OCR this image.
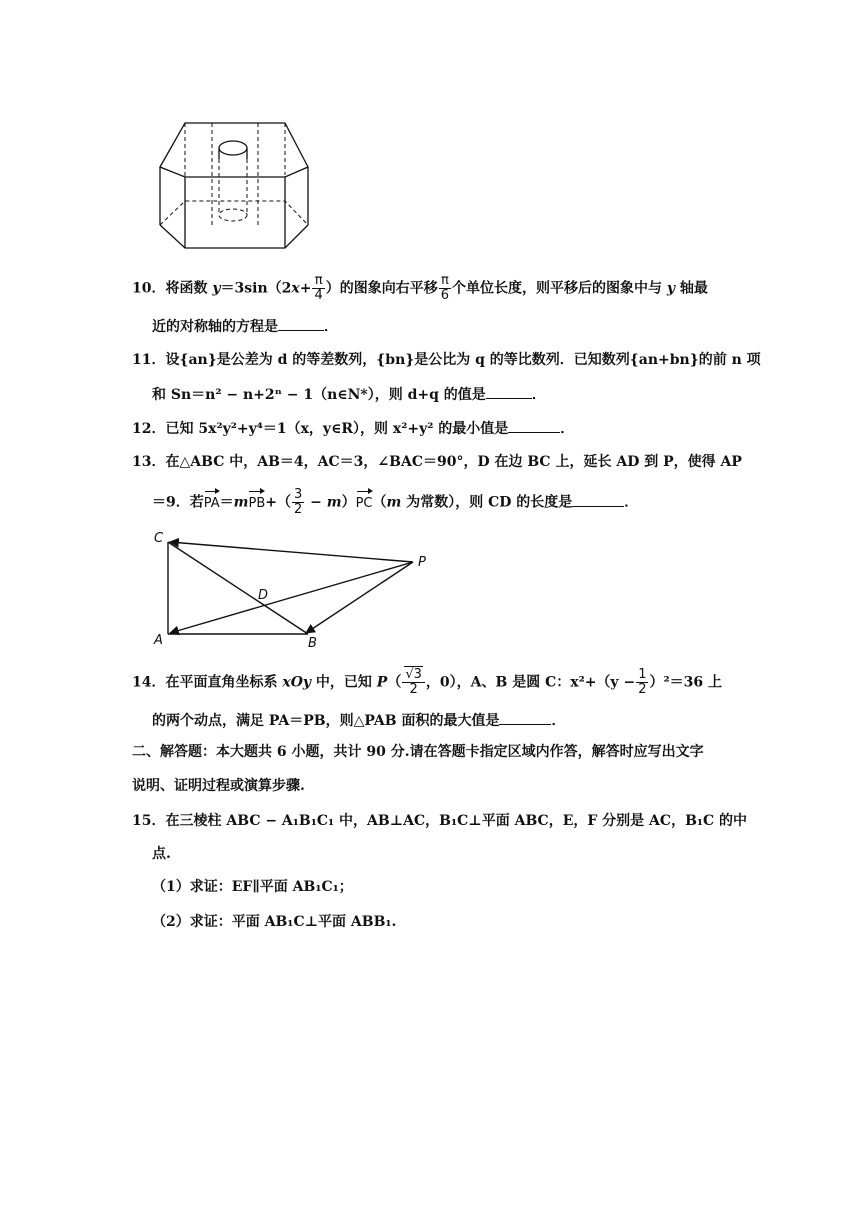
10．将函数 $y=3\sin(2x+ \frac{\pi}{4}$ ）的图象向右平移 $\frac{\pi}{6}$ 个单位长度，则平移后的图象中与 y 轴最
近的对称轴的方程是	．
11．设{an}是公差为 d 的等差数列，{bn}是公比为 q 的等比数列．已知数列{an+bn}的前 n 项
和 Sn＝n² − n+2ⁿ − 1（n∈N*），则 d+q 的值是	．
12．已知 5x²y²+y⁴＝1（x，y∈R），则 x²+y² 的最小值是	．
13．在△ABC 中，AB＝4，AC＝3，∠BAC＝90°，D 在边 BC 上，延长 AD 到 P，使得 AP
＝9．若$PA=mPB+( \frac{3}{2} - m)PC(m$ 为常数），则 CD 的长度是	．
C
A	B
D
P
14．在平面直角坐标系 xOy 中，已知 $P( \frac{√3}{2}$ ，0），A、B 是圆 C：$x^2+(y - \frac{1}{2} )^2=36$ 上
的两个动点，满足 PA＝PB，则△PAB 面积的最大值是	．
二、解答题：本大题共 6 小题，共计 90 分.请在答题卡指定区域内作答，解答时应写出文字
说明、证明过程或演算步骤.
15．在三棱柱 ABC − A₁B₁C₁ 中，AB⊥AC，B₁C⊥平面 ABC，E，F 分别是 AC，B₁C 的中
点.
（1）求证：EF∥平面 AB₁C₁；
（2）求证：平面 AB₁C⊥平面 ABB₁.
